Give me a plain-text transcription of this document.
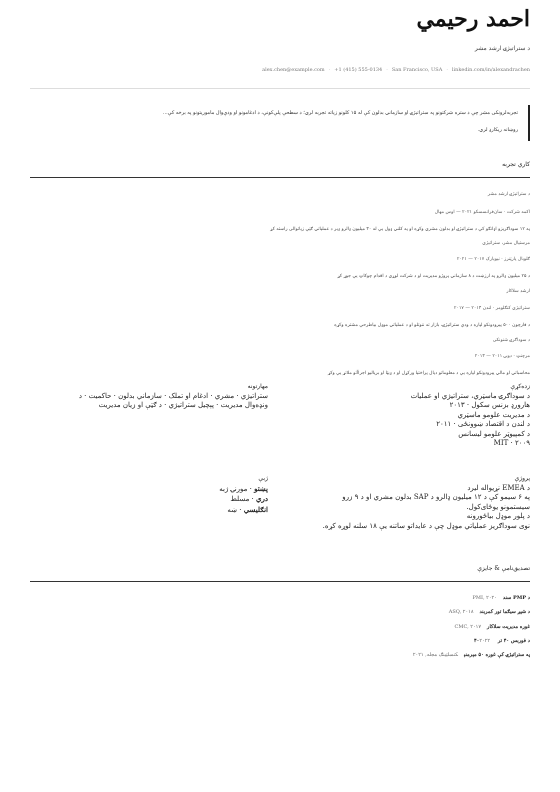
احمد رحيمي
د ستراتیژۍ ارشد مشر
alex.chen@example.com · +1 (415) 555-0134 · San Francisco, USA · linkedin.com/in/alexandrachen
تجربه‌لرونکی مشر چې د ستره شرکتونو په ستراتیژۍ او سازماني بدلون کې له ۱۵ کلونو زیاته تجربه لري؛ د سطحې پلې‌کونې، د ادغامونو او ودې‌وال ماموریتونو په برخه کې...
روښانه ریکارډ لري.
کاري تجربه
د ستراتیژۍ ارشد مشر
اکمه شرکت · سان‌فرانسسکو ۲۰۲۱ — اوس مهال
په ۱۲ سوداګریزو اډانګو کې د ستراتیژۍ او بدلون مشري وکړه او په کلني ډول یې له ۳۰ میلیون ډالرو ډېر د عملیاتي ګټې زیاتوالی راسته کړ
مرستیال مشر، ستراتیژي
ګلوبال پارټنرز · نیویارک ۲۰۱۷ — ۲۰۲۱
د ۲۵ میلیون ډالرو په ارزښت د ۸ سازماني پروژو مدیریت او د شرکت لوړي د اقدام چوکاټ یې جوړ کړ
ارشد سلاکار
ستراتیژي کنګلومر · لندن ۲۰۱۳ — ۲۰۱۷
د فارچون ۵۰۰ پیرودونکو لپاره د ودې ستراتیژۍ، بازار ته ننوتلو او د عملیاتي موډل بیاطرحې مشتره وکړه
د سوداګرۍ شنونکی
مرچنټ · دوبۍ ۲۰۱۱ — ۲۰۱۳
محاسباتي او مالي پېرودونکو لپاره یې د معلوماتو دیال پراختیا ورکړل او د ډیټا او بریالیو اجراآتو ملاتړ یې وکړ
زده‌کړې
د سوداګرۍ ماسټري، ستراتیژي او عملیات
هارورډ بزنس سکول · ۲۰۱۳
د مدیریت علومو ماسټري
د لندن د اقتصاد ښوونځی · ۲۰۱۱
د کمپیوټر علومو لیسانس
MIT · ۲۰۰۹
مهارتونه
ستراتیژي · مشري · ادغام او تملک · سازماني بدلون · حاکمیت · د
ونډه‌وال مدیریت · پېچیل ستراتیژي · د ګټې او زیان مدیریت
پروژې
د EMEA نړیواله لیرد
په ۶ سیمو کې د ۱۲ میلیون ډالرو د SAP بدلون مشري او د ۹ زرو
سیستمونو یوځای‌کول.
د پلور موډل بیاځورونه
نوی سوداګریز عملیاتي موډل چې د عایداتو ساتنه یې ۱۸ سلنه لوړه کړه.
ژبې
پښتو · مورنۍ ژبه
دري · مسلط
انګلیسي · ښه
تصدیق‌نامې & جایزې
د PMP سندPMI, ۲۰۲۰
د شپږ سیګما تور کمربندASQ, ۲۰۱۸
غوره مدیریت سلاکارCMC, ۲۰۱۷
د فوربس ۴۰ تر ۴۰۲۰۲۲
په ستراتیژۍ کې غوره ۵۰ مېرمنېکنسلټینګ مجله, ۲۰۲۱
